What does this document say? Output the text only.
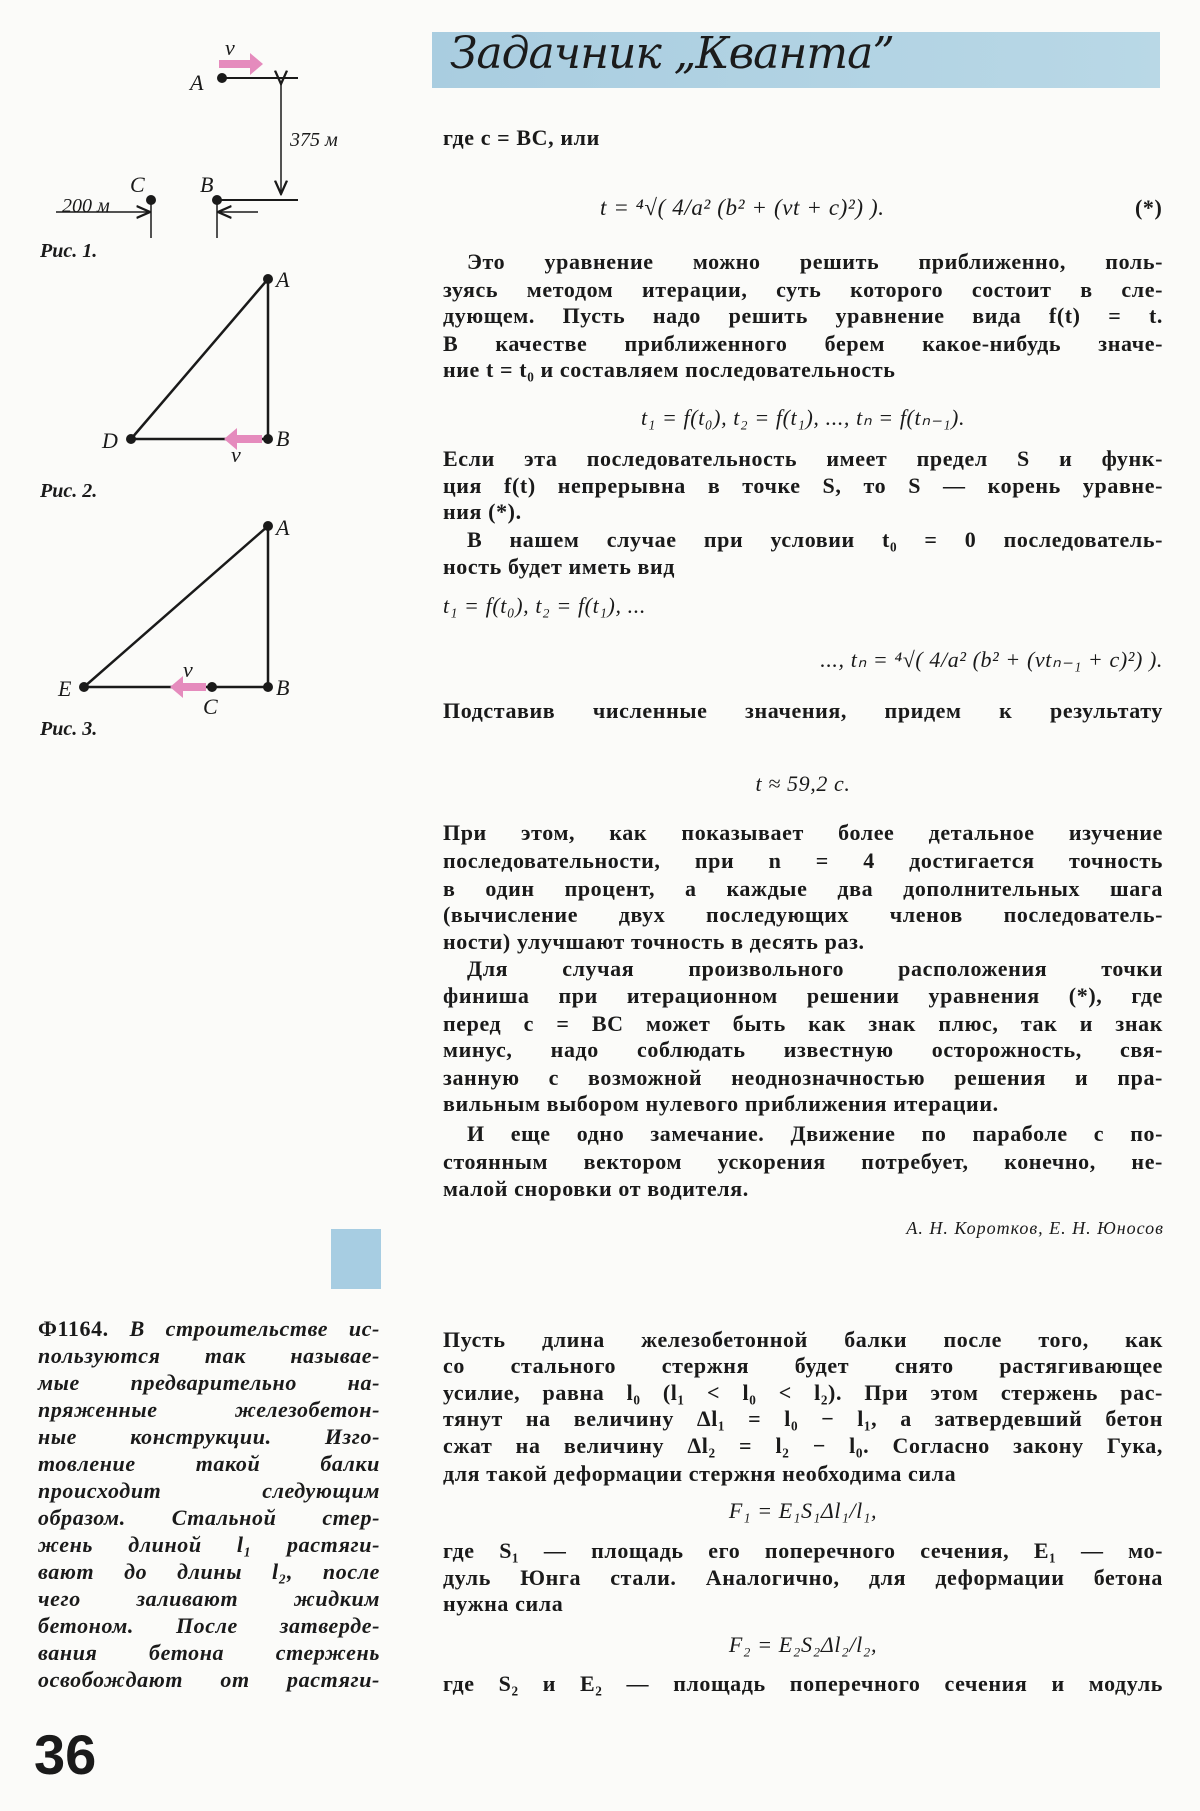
Задачник „Кванта”
v
A
C	B
375 м
200 м
A
B
D
v
A
B
E
C
v
Рис. 1.
Рис. 2.
Рис. 3.
где c = BC, или
t = ⁴√( 4/a² (b² + (vt + c)²) ).	(*)
Это уравнение можно решить приближенно, поль-
зуясь методом итерации, суть которого состоит в сле-
дующем. Пусть надо решить уравнение вида f(t) = t.
В качестве приближенного берем какое-нибудь значе-
ние t = t₀ и составляем последовательность
t₁ = f(t₀), t₂ = f(t₁), ..., tₙ = f(tₙ₋₁).
Если эта последовательность имеет предел S и функ-
ция f(t) непрерывна в точке S, то S — корень уравне-
ния (*).
В нашем случае при условии t₀ = 0 последователь-
ность будет иметь вид
t₁ = f(t₀), t₂ = f(t₁), ...
..., tₙ = ⁴√( 4/a² (b² + (vtₙ₋₁ + c)²) ).
Подставив численные значения, придем к результату
t ≈ 59,2 с.
При этом, как показывает более детальное изучение
последовательности, при n = 4 достигается точность
в один процент, а каждые два дополнительных шага
(вычисление двух последующих членов последователь-
ности) улучшают точность в десять раз.
Для случая произвольного расположения точки
финиша при итерационном решении уравнения (*), где
перед c = BC может быть как знак плюс, так и знак
минус, надо соблюдать известную осторожность, свя-
занную с возможной неоднозначностью решения и пра-
вильным выбором нулевого приближения итерации.
И еще одно замечание. Движение по параболе с по-
стоянным вектором ускорения потребует, конечно, не-
малой сноровки от водителя.
А. Н. Коротков, Е. Н. Юносов
Ф1164. В строительстве ис-
пользуются так называе-
мые предварительно на-
пряженные железобетон-
ные конструкции. Изго-
товление такой балки
происходит следующим
образом. Стальной стер-
жень длиной l₁ растяги-
вают до длины l₂, после
чего заливают жидким
бетоном. После затверде-
вания бетона стержень
освобождают от растяги-
Пусть длина железобетонной балки после того, как
со стального стержня будет снято растягивающее
усилие, равна l₀ (l₁ < l₀ < l₂). При этом стержень рас-
тянут на величину Δl₁ = l₀ − l₁, а затвердевший бетон
сжат на величину Δl₂ = l₂ − l₀. Согласно закону Гука,
для такой деформации стержня необходима сила
F₁ = E₁S₁Δl₁/l₁,
где S₁ — площадь его поперечного сечения, E₁ — мо-
дуль Юнга стали. Аналогично, для деформации бетона
нужна сила
F₂ = E₂S₂Δl₂/l₂,
где S₂ и E₂ — площадь поперечного сечения и модуль
36
